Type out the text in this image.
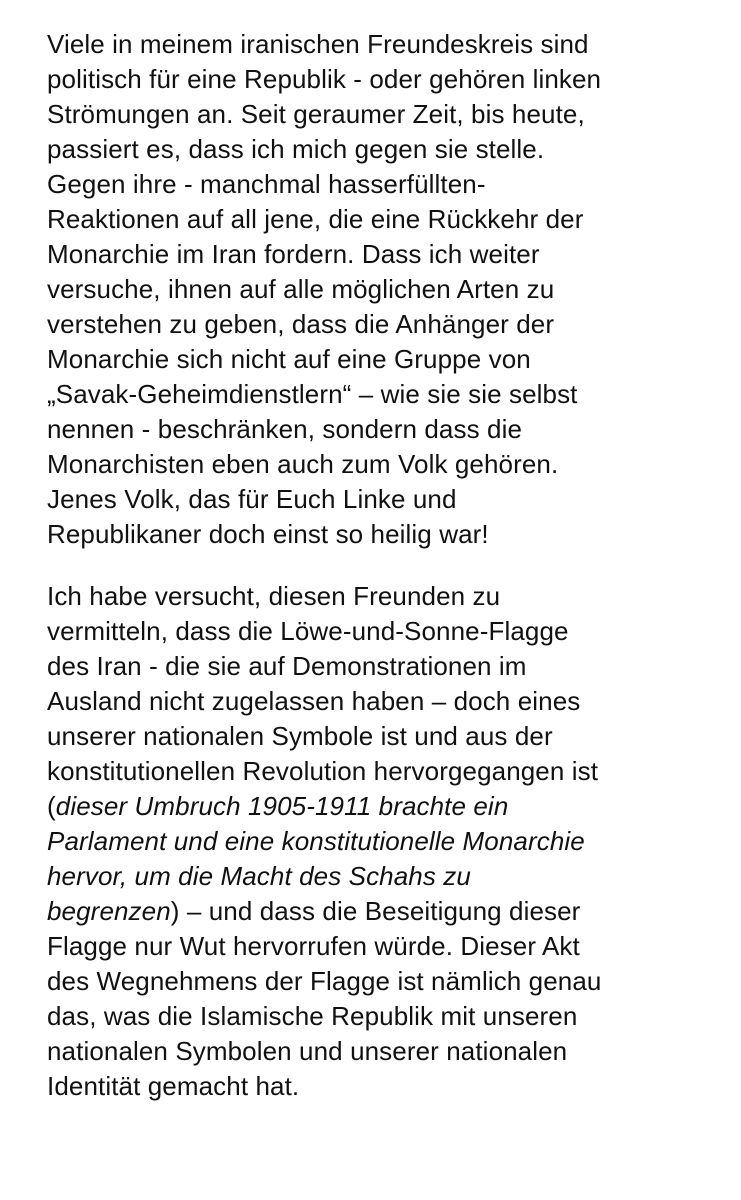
Viele in meinem iranischen Freundeskreis sind
politisch für eine Republik - oder gehören linken
Strömungen an. Seit geraumer Zeit, bis heute,
passiert es, dass ich mich gegen sie stelle.
Gegen ihre - manchmal hasserfüllten-
Reaktionen auf all jene, die eine Rückkehr der
Monarchie im Iran fordern. Dass ich weiter
versuche, ihnen auf alle möglichen Arten zu
verstehen zu geben, dass die Anhänger der
Monarchie sich nicht auf eine Gruppe von
„Savak-Geheimdienstlern“ – wie sie sie selbst
nennen - beschränken, sondern dass die
Monarchisten eben auch zum Volk gehören.
Jenes Volk, das für Euch Linke und
Republikaner doch einst so heilig war!

Ich habe versucht, diesen Freunden zu
vermitteln, dass die Löwe-und-Sonne-Flagge
des Iran - die sie auf Demonstrationen im
Ausland nicht zugelassen haben – doch eines
unserer nationalen Symbole ist und aus der
konstitutionellen Revolution hervorgegangen ist
(dieser Umbruch 1905-1911 brachte ein
Parlament und eine konstitutionelle Monarchie
hervor, um die Macht des Schahs zu
begrenzen) – und dass die Beseitigung dieser
Flagge nur Wut hervorrufen würde. Dieser Akt
des Wegnehmens der Flagge ist nämlich genau
das, was die Islamische Republik mit unseren
nationalen Symbolen und unserer nationalen
Identität gemacht hat.
